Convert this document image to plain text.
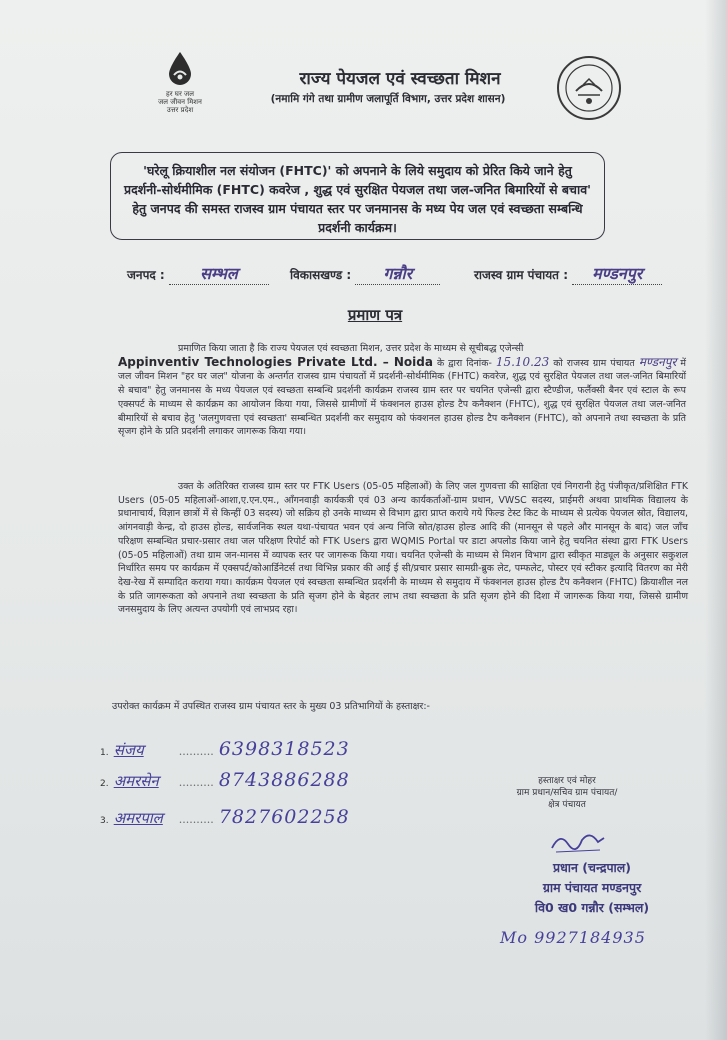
हर घर जल
जल जीवन मिशन
उत्तर प्रदेश
राज्य पेयजल एवं स्वच्छता मिशन
(नमामि गंगे तथा ग्रामीण जलापूर्ति विभाग, उत्तर प्रदेश शासन)
'घरेलू क्रियाशील नल संयोजन (FHTC)' को अपनाने के लिये समुदाय को प्रेरित किये जाने हेतु प्रदर्शनी-सोर्थमीमिक (FHTC) कवरेज , शुद्ध एवं सुरक्षित पेयजल तथा जल-जनित बिमारियों से बचाव' हेतु जनपद की समस्त राजस्व ग्राम पंचायत स्तर पर जनमानस के मध्य पेय जल एवं स्वच्छता सम्बन्धि प्रदर्शनी कार्यक्रम।
जनपद : सम्भल	विकासखण्ड : गन्नौर	राजस्व ग्राम पंचायत : मण्डनपुर
प्रमाण पत्र
प्रमाणित किया जाता है कि राज्य पेयजल एवं स्वच्छता मिशन, उत्तर प्रदेश के माध्यम से सूचीबद्ध एजेन्सी
Appinventiv Technologies Private Ltd. – Noida के द्वारा दिनांक- 15.10.23 को राजस्व ग्राम पंचायत मण्डनपुर में जल जीवन मिशन "हर घर जल" योजना के अन्तर्गत राजस्व ग्राम पंचायतों में प्रदर्शनी-सोर्थमीमिक (FHTC) कवरेज, शुद्ध एवं सुरक्षित पेयजल तथा जल-जनित बिमारियों से बचाव" हेतु जनमानस के मध्य पेयजल एवं स्वच्छता सम्बन्धि प्रदर्शनी कार्यक्रम राजस्व ग्राम स्तर पर चयनित एजेन्सी द्वारा स्टैण्डीज, फर्लैक्सी बैनर एवं स्टाल के रूप एक्सपर्ट के माध्यम से कार्यक्रम का आयोजन किया गया, जिससे ग्रामीणों में फंक्शनल हाउस होल्ड टैप कनैक्शन (FHTC), शुद्ध एवं सुरक्षित पेयजल तथा जल-जनित बीमारियों से बचाव हेतु 'जलगुणवत्ता एवं स्वच्छता' सम्बन्धित प्रदर्शनी कर समुदाय को फंक्शनल हाउस होल्ड टैप कनैक्शन (FHTC), को अपनाने तथा स्वच्छता के प्रति सृजग होने के प्रति प्रदर्शनी लगाकर जागरूक किया गया।
उक्त के अतिरिक्त राजस्व ग्राम स्तर पर FTK Users (05-05 महिलाओं) के लिए जल गुणवत्ता की साक्षिता एवं निगरानी हेतु पंजीकृत/प्रशिक्षित FTK Users (05-05 महिलाओं-आशा,ए.एन.एम., आँगनवाड़ी कार्यकत्री एवं 03 अन्य कार्यकर्ताओं-ग्राम प्रधान, VWSC सदस्य, प्राईमरी अथवा प्राथमिक विद्यालय के प्रधानाचार्य, विज्ञान छात्रों में से किन्हीं 03 सदस्य) जो सक्रिय हो उनके माध्यम से विभाग द्वारा प्राप्त कराये गये फिल्ड टेस्ट किट के माध्यम से प्रत्येक पेयजल स्रोत, विद्यालय, आंगनवाड़ी केन्द्र, दो हाउस होल्ड, सार्वजनिक स्थल यथा-पंचायत भवन एवं अन्य निजि स्रोत/हाउस होल्ड आदि की (मानसून से पहले और मानसून के बाद) जल जाँच परिक्षण सम्बन्धित प्रचार-प्रसार तथा जल परिक्षण रिपोर्ट को FTK Users द्वारा WQMIS Portal पर डाटा अपलोड किया जाने हेतु चयनित संस्था द्वारा FTK Users (05-05 महिलाओं) तथा ग्राम जन-मानस में व्यापक स्तर पर जागरूक किया गया। चयनित एजेन्सी के माध्यम से मिशन विभाग द्वारा स्वीकृत माड्यूल के अनुसार सकुशल निर्धारित समय पर कार्यक्रम में एक्सपर्ट/कोआर्डिनेटर्स तथा विभिन्न प्रकार की आई ई सी/प्रचार प्रसार सामग्री-ब्रुक लेट, पम्फलेट, पोस्टर एवं स्टीकर इत्यादि वितरण का मेरी देख-रेख में सम्पादित कराया गया। कार्यक्रम पेयजल एवं स्वच्छता सम्बन्धित प्रदर्शनी के माध्यम से समुदाय में फंक्शनल हाउस होल्ड टैप कनैक्शन (FHTC) क्रियाशील नल के प्रति जागरूकता को अपनाने तथा स्वच्छता के प्रति सृजग होने के बेहतर लाभ तथा स्वच्छता के प्रति सृजग होने की दिशा में जागरूक किया गया, जिससे ग्रामीण जनसमुदाय के लिए अत्यन्त उपयोगी एवं लाभप्रद रहा।
उपरोक्त कार्यक्रम में उपस्थित राजस्व ग्राम पंचायत स्तर के मुख्य 03 प्रतिभागियों के हस्ताक्षर:-
1. संजय	.......... 6398318523
2. अमरसेन .......... 8743886288
3. अमरपाल .......... 7827602258
हस्ताक्षर एवं मोहर
ग्राम प्रधान/सचिव ग्राम पंचायत/
क्षेत्र पंचायत
प्रधान (चन्द्रपाल)
ग्राम पंचायत मण्डनपुर
वि0 ख0 गन्नौर (सम्भल)
Mo 9927184935
